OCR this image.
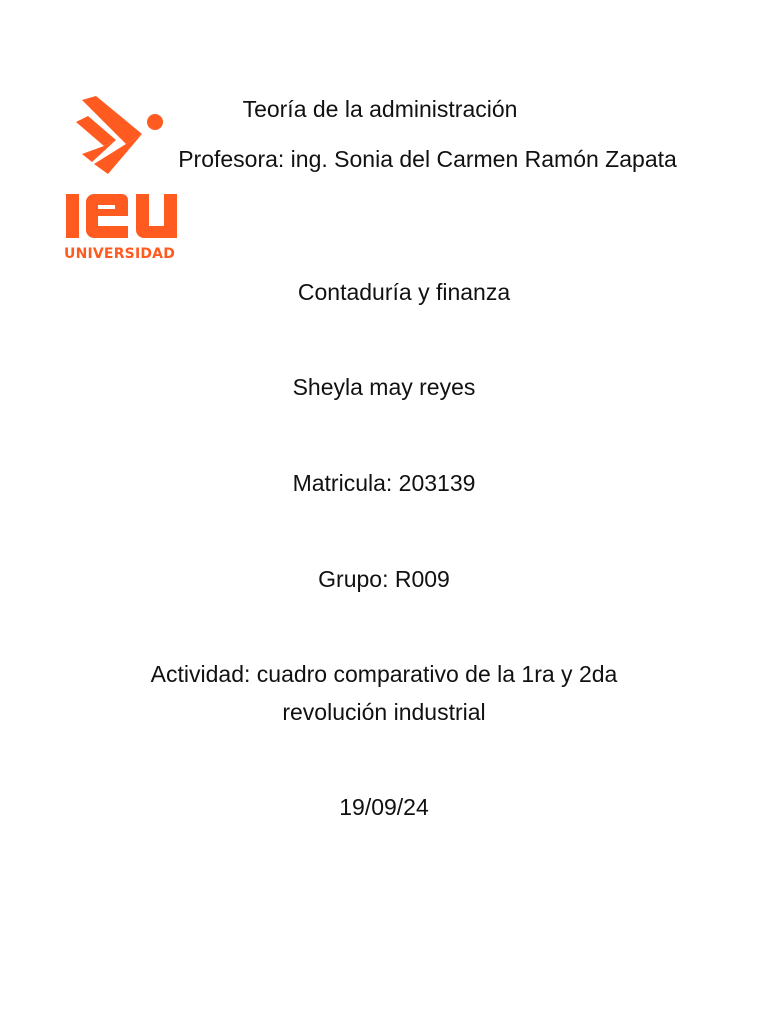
UNIVERSIDAD
Teoría de la administración
Profesora: ing. Sonia del Carmen Ramón Zapata
Contaduría y finanza
Sheyla may reyes
Matricula: 203139
Grupo: R009
Actividad: cuadro comparativo de la 1ra y 2da revolución industrial
19/09/24
